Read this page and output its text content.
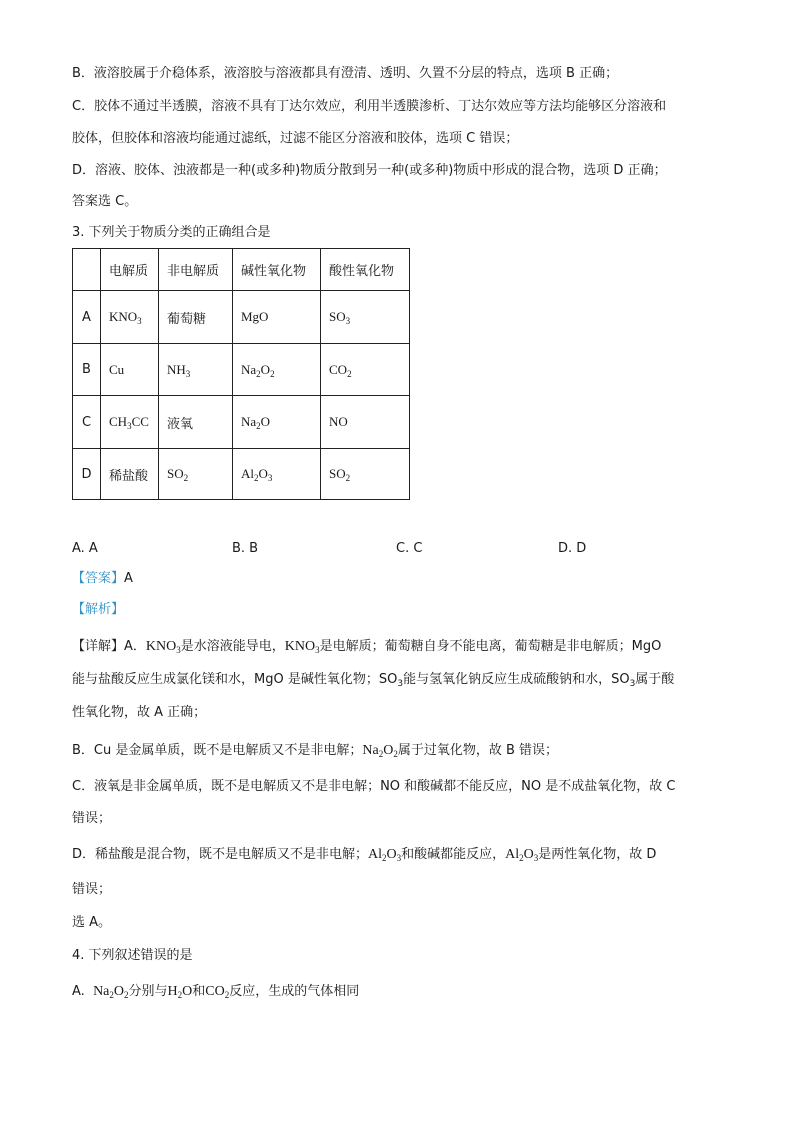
B．液溶胶属于介稳体系，液溶胶与溶液都具有澄清、透明、久置不分层的特点，选项 B 正确；
C．胶体不通过半透膜，溶液不具有丁达尔效应，利用半透膜渗析、丁达尔效应等方法均能够区分溶液和
胶体，但胶体和溶液均能通过滤纸，过滤不能区分溶液和胶体，选项 C 错误；
D．溶液、胶体、浊液都是一种(或多种)物质分散到另一种(或多种)物质中形成的混合物，选项 D 正确；
答案选 C。
3. 下列关于物质分类的正确组合是
	电解质	非电解质	碱性氧化物	酸性氧化物
A	$KNO_3$	葡萄糖	MgO	$SO_3$
B	Cu	$NH_3$	$Na_2O_2$	$CO_2$
C	$CH_3CC$	液氧	$Na_2O$	NO
D	稀盐酸	$SO_2$	$Al_2O_3$	$SO_2$
A. A	B. B	C. C	D. D
【答案】A
【解析】
【详解】A．$KNO_3$是水溶液能导电，$KNO_3$是电解质；葡萄糖自身不能电离，葡萄糖是非电解质；MgO
能与盐酸反应生成氯化镁和水，MgO 是碱性氧化物；$SO_3$能与氢氧化钠反应生成硫酸钠和水，$SO_3$属于酸
性氧化物，故 A 正确；
B．Cu 是金属单质，既不是电解质又不是非电解；$Na_2O_2$属于过氧化物，故 B 错误；
C．液氧是非金属单质，既不是电解质又不是非电解；NO 和酸碱都不能反应，NO 是不成盐氧化物，故 C
错误；
D．稀盐酸是混合物，既不是电解质又不是非电解；$Al_2O_3$和酸碱都能反应，$Al_2O_3$是两性氧化物，故 D
错误；
选 A。
4. 下列叙述错误的是
A. $Na_2O_2$分别与$H_2O$和$CO_2$反应，生成的气体相同
